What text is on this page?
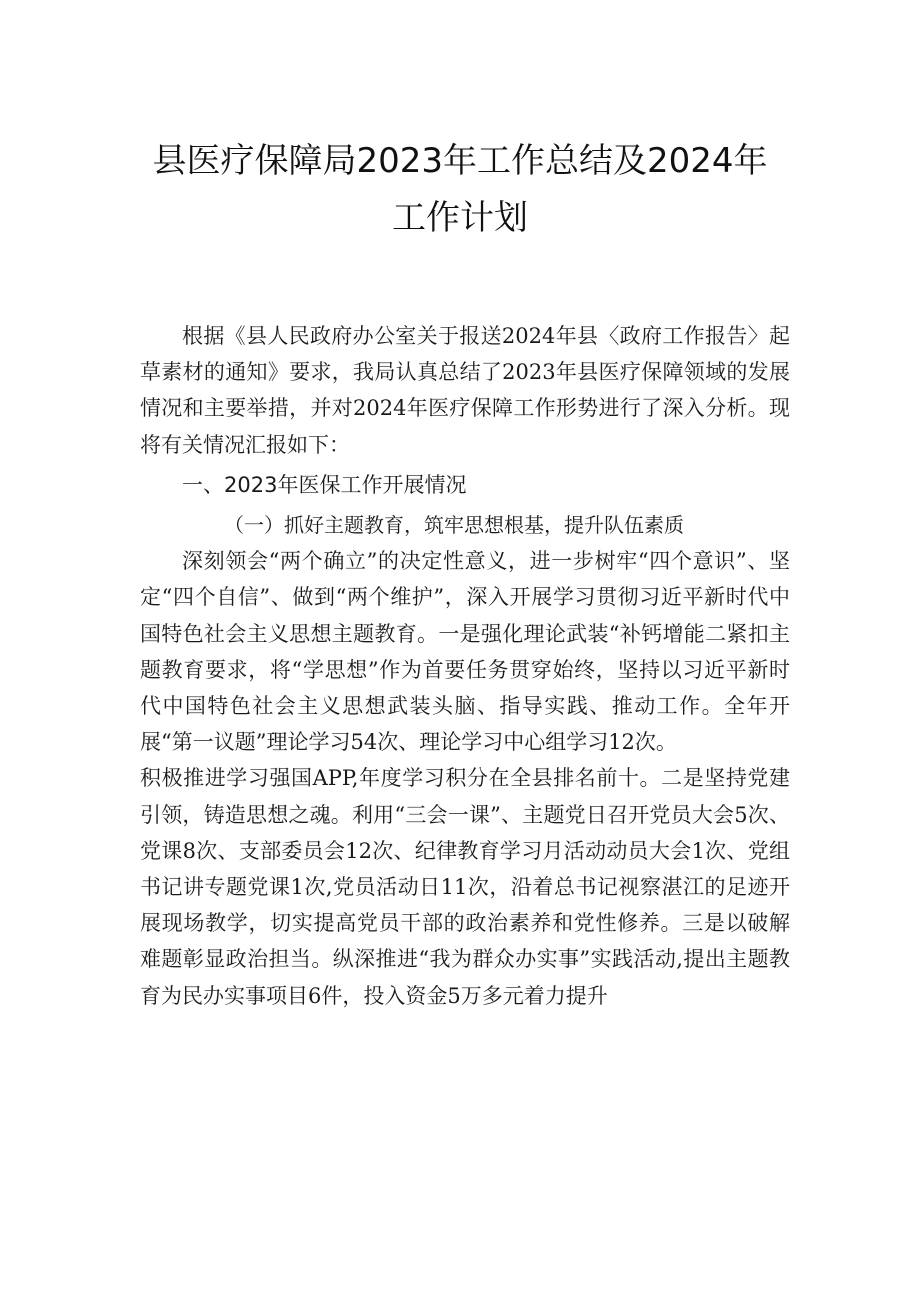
县医疗保障局2023年工作总结及2024年
工作计划

根据《县人民政府办公室关于报送2024年县〈政府工作报告〉起草素材的通知》要求，我局认真总结了2023年县医疗保障领域的发展情况和主要举措，并对2024年医疗保障工作形势进行了深入分析。现将有关情况汇报如下：

一、2023年医保工作开展情况

（一）抓好主题教育，筑牢思想根基，提升队伍素质

深刻领会“两个确立”的决定性意义，进一步树牢“四个意识”、坚定“四个自信”、做到“两个维护”，深入开展学习贯彻习近平新时代中国特色社会主义思想主题教育。一是强化理论武装“补钙增能二紧扣主题教育要求，将“学思想”作为首要任务贯穿始终，坚持以习近平新时代中国特色社会主义思想武装头脑、指导实践、推动工作。全年开展“第一议题”理论学习54次、理论学习中心组学习12次。

积极推进学习强国APP,年度学习积分在全县排名前十。二是坚持党建引领，铸造思想之魂。利用“三会一课”、主题党日召开党员大会5次、党课8次、支部委员会12次、纪律教育学习月活动动员大会1次、党组书记讲专题党课1次,党员活动日11次，沿着总书记视察湛江的足迹开展现场教学，切实提高党员干部的政治素养和党性修养。三是以破解难题彰显政治担当。纵深推进“我为群众办实事”实践活动,提出主题教育为民办实事项目6件，投入资金5万多元着力提升
